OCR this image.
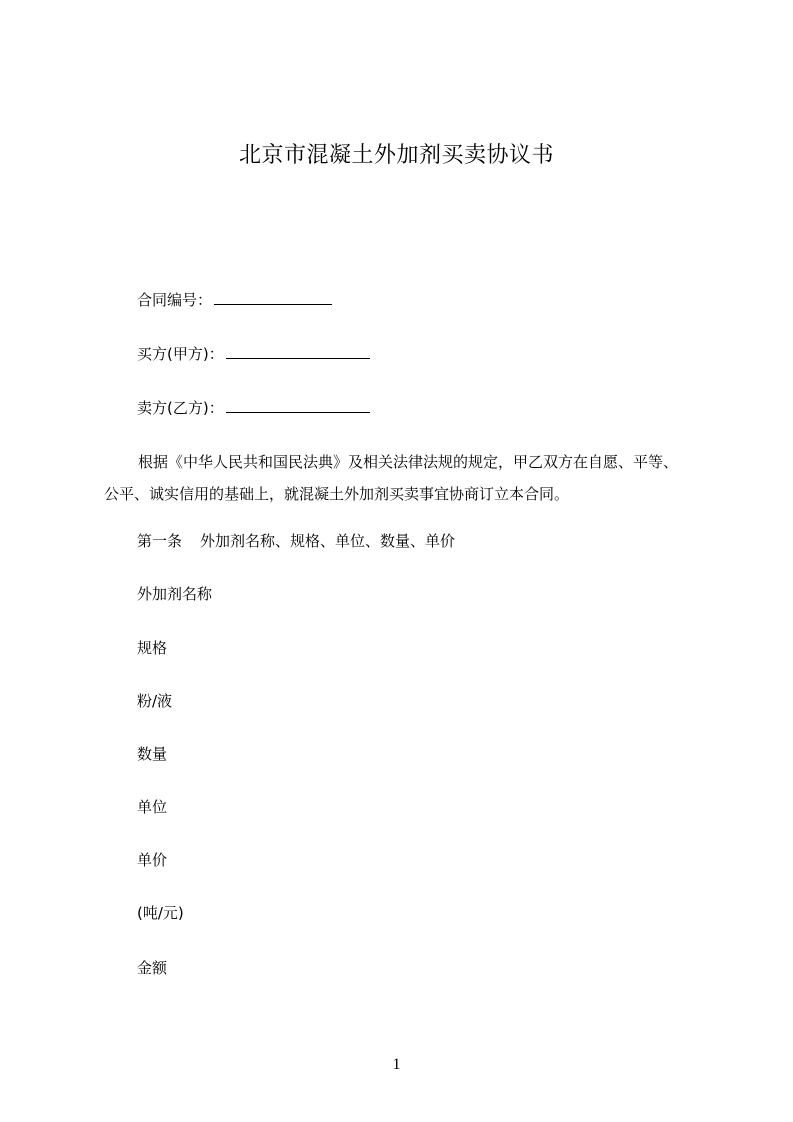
北京市混凝土外加剂买卖协议书
合同编号：
买方(甲方)：
卖方(乙方)：

根据《中华人民共和国民法典》及相关法律法规的规定，甲乙双方在自愿、平等、
公平、诚实信用的基础上，就混凝土外加剂买卖事宜协商订立本合同。

第一条 外加剂名称、规格、单位、数量、单价
外加剂名称
规格
粉/液
数量
单位
单价
(吨/元)
金额
1
